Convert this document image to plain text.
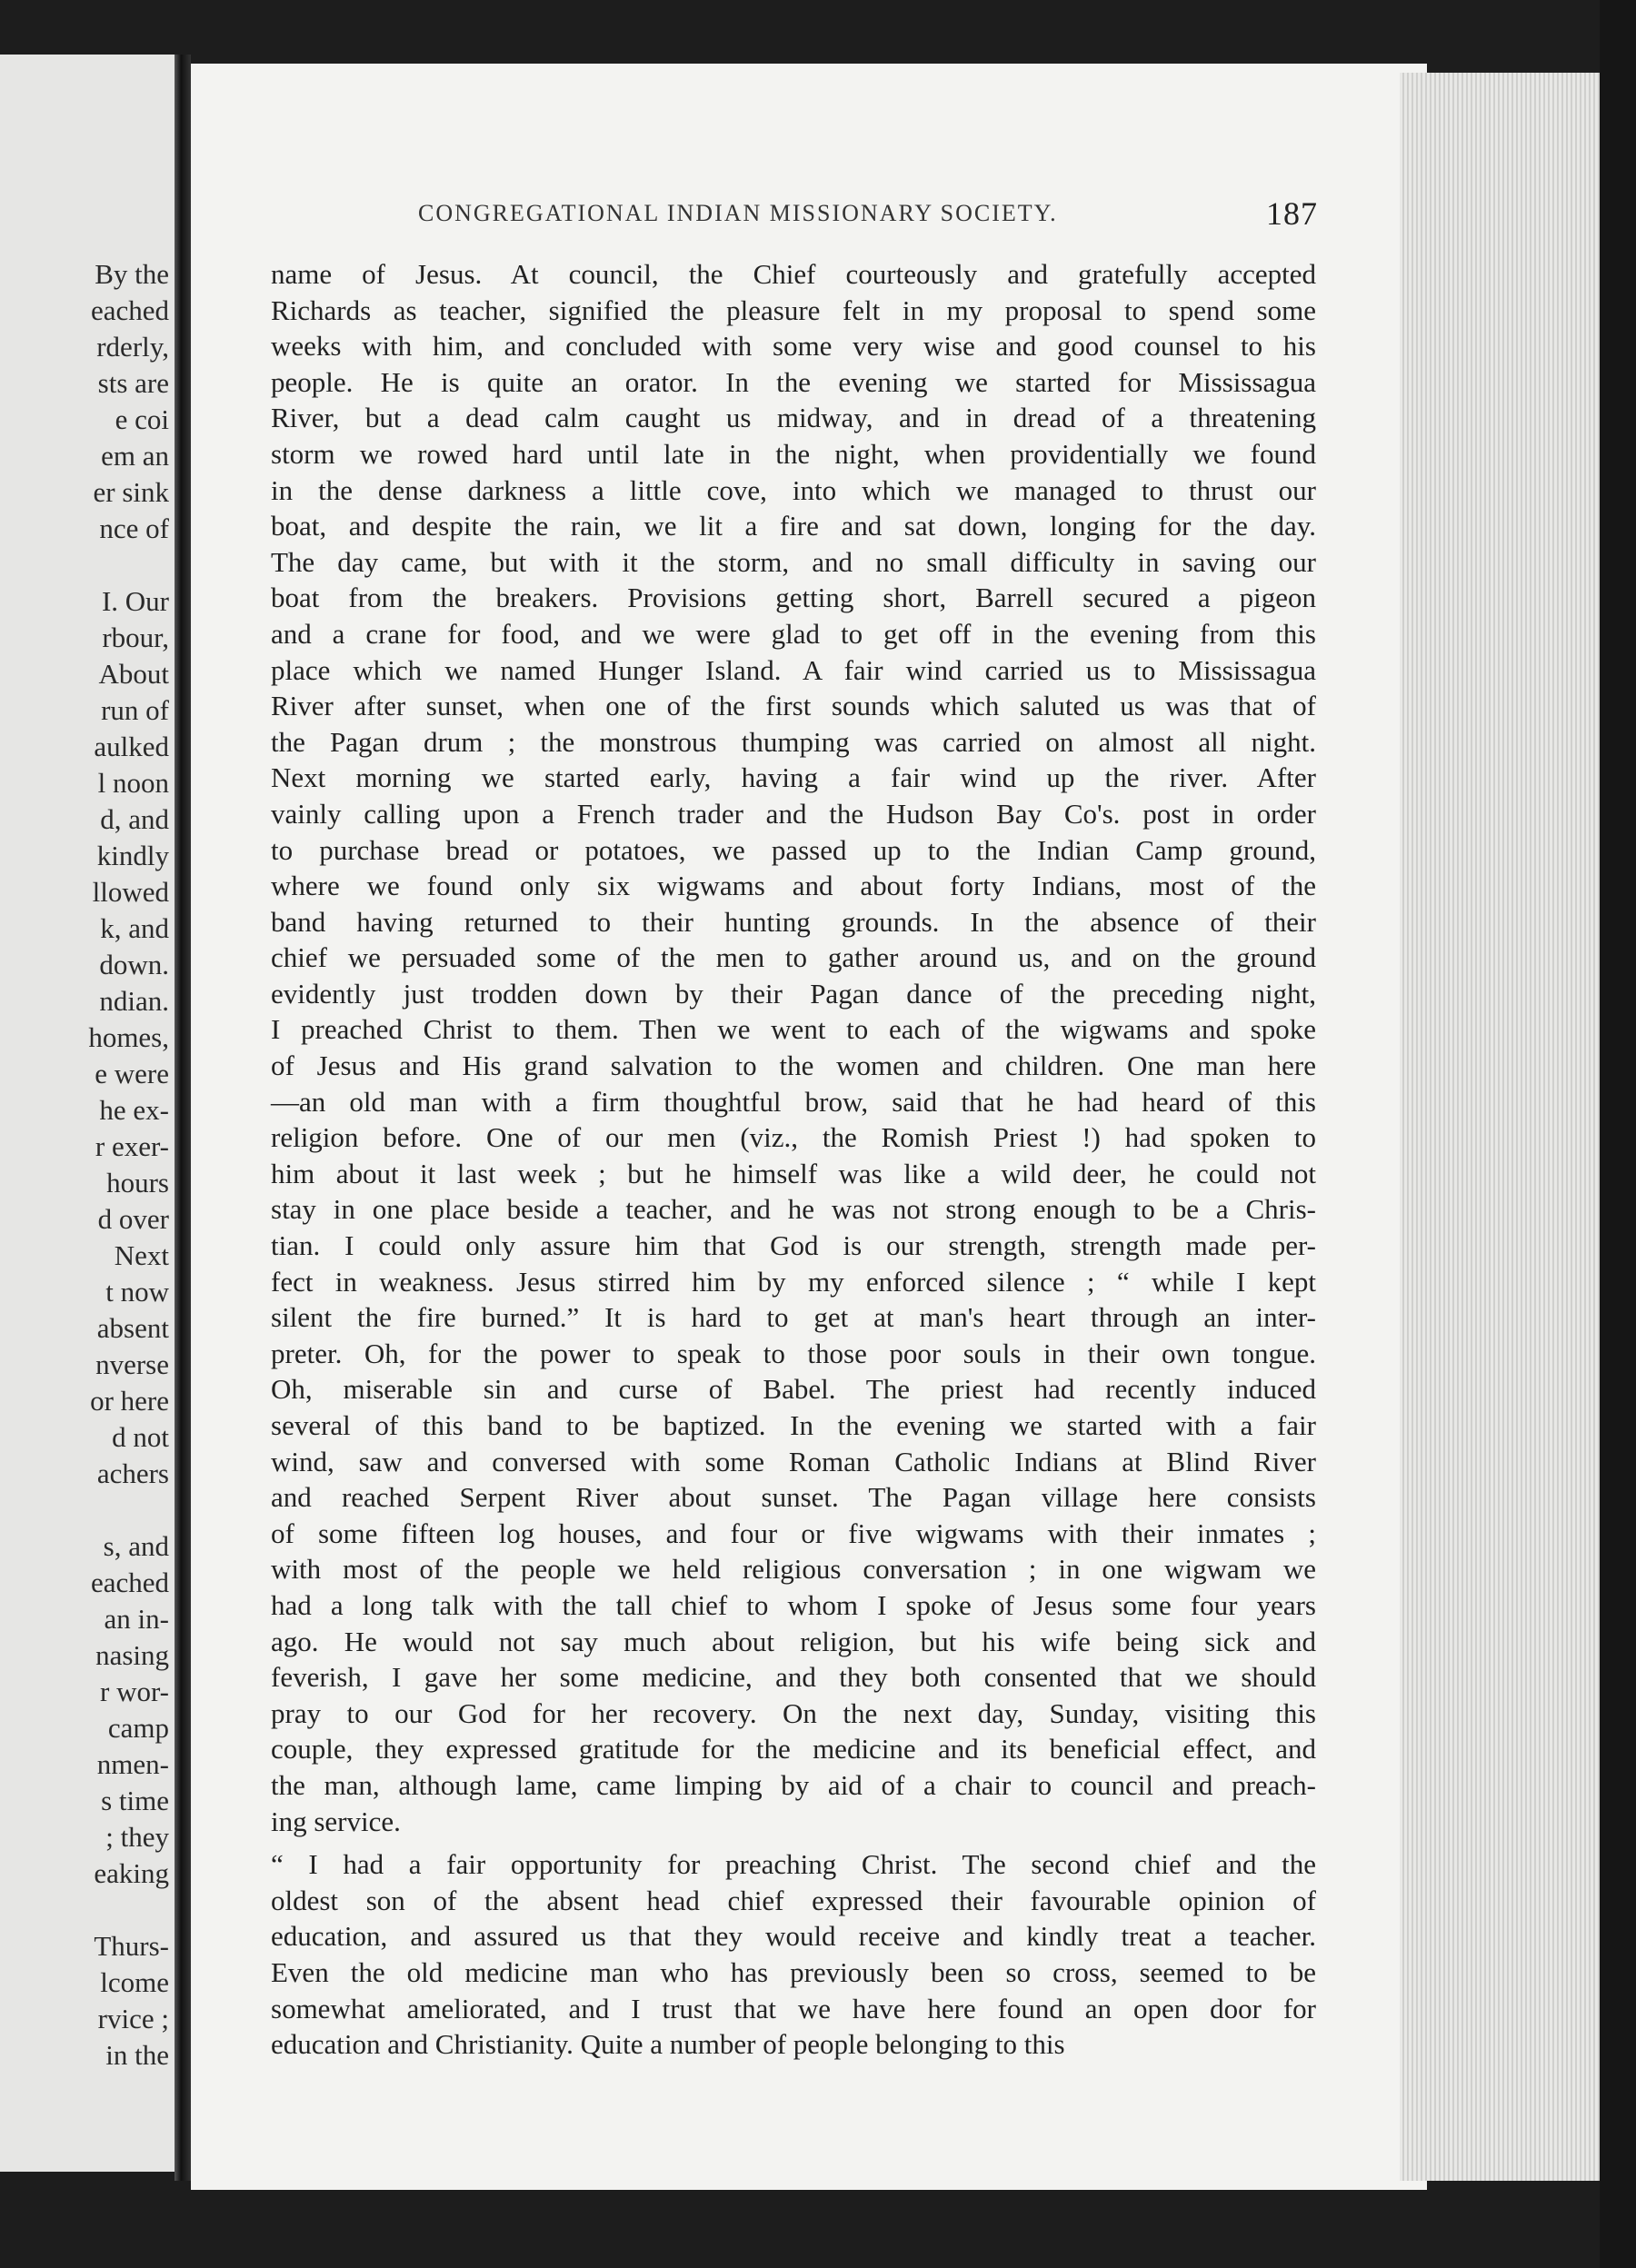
By the
eached
rderly,
sts are
e coi
em an
er sink
nce of
I. Our
rbour,
About
run of
aulked
l noon
d, and
kindly
llowed
k, and
down.
ndian.
homes,
e were
he ex-
r exer-
hours
d over
Next
t now
absent
nverse
or here
d not
achers
s, and
eached
an in-
nasing
r wor-
camp
nmen-
s time
; they
eaking
Thurs-
lcome
rvice ;
in the
CONGREGATIONAL INDIAN MISSIONARY SOCIETY.	187
name of Jesus. At council, the Chief courteously and gratefully accepted
Richards as teacher, signified the pleasure felt in my proposal to spend some
weeks with him, and concluded with some very wise and good counsel to his
people. He is quite an orator. In the evening we started for Mississagua
River, but a dead calm caught us midway, and in dread of a threatening
storm we rowed hard until late in the night, when providentially we found
in the dense darkness a little cove, into which we managed to thrust our
boat, and despite the rain, we lit a fire and sat down, longing for the day.
The day came, but with it the storm, and no small difficulty in saving our
boat from the breakers. Provisions getting short, Barrell secured a pigeon
and a crane for food, and we were glad to get off in the evening from this
place which we named Hunger Island. A fair wind carried us to Mississagua
River after sunset, when one of the first sounds which saluted us was that of
the Pagan drum ; the monstrous thumping was carried on almost all night.
Next morning we started early, having a fair wind up the river. After
vainly calling upon a French trader and the Hudson Bay Co's. post in order
to purchase bread or potatoes, we passed up to the Indian Camp ground,
where we found only six wigwams and about forty Indians, most of the
band having returned to their hunting grounds. In the absence of their
chief we persuaded some of the men to gather around us, and on the ground
evidently just trodden down by their Pagan dance of the preceding night,
I preached Christ to them. Then we went to each of the wigwams and spoke
of Jesus and His grand salvation to the women and children. One man here
—an old man with a firm thoughtful brow, said that he had heard of this
religion before. One of our men (viz., the Romish Priest !) had spoken to
him about it last week ; but he himself was like a wild deer, he could not
stay in one place beside a teacher, and he was not strong enough to be a Chris-
tian. I could only assure him that God is our strength, strength made per-
fect in weakness. Jesus stirred him by my enforced silence ; “ while I kept
silent the fire burned.” It is hard to get at man's heart through an inter-
preter. Oh, for the power to speak to those poor souls in their own tongue.
Oh, miserable sin and curse of Babel. The priest had recently induced
several of this band to be baptized. In the evening we started with a fair
wind, saw and conversed with some Roman Catholic Indians at Blind River
and reached Serpent River about sunset. The Pagan village here consists
of some fifteen log houses, and four or five wigwams with their inmates ;
with most of the people we held religious conversation ; in one wigwam we
had a long talk with the tall chief to whom I spoke of Jesus some four years
ago. He would not say much about religion, but his wife being sick and
feverish, I gave her some medicine, and they both consented that we should
pray to our God for her recovery. On the next day, Sunday, visiting this
couple, they expressed gratitude for the medicine and its beneficial effect, and
the man, although lame, came limping by aid of a chair to council and preach-
ing service.
“ I had a fair opportunity for preaching Christ. The second chief and the
oldest son of the absent head chief expressed their favourable opinion of
education, and assured us that they would receive and kindly treat a teacher.
Even the old medicine man who has previously been so cross, seemed to be
somewhat ameliorated, and I trust that we have here found an open door for
education and Christianity. Quite a number of people belonging to this
